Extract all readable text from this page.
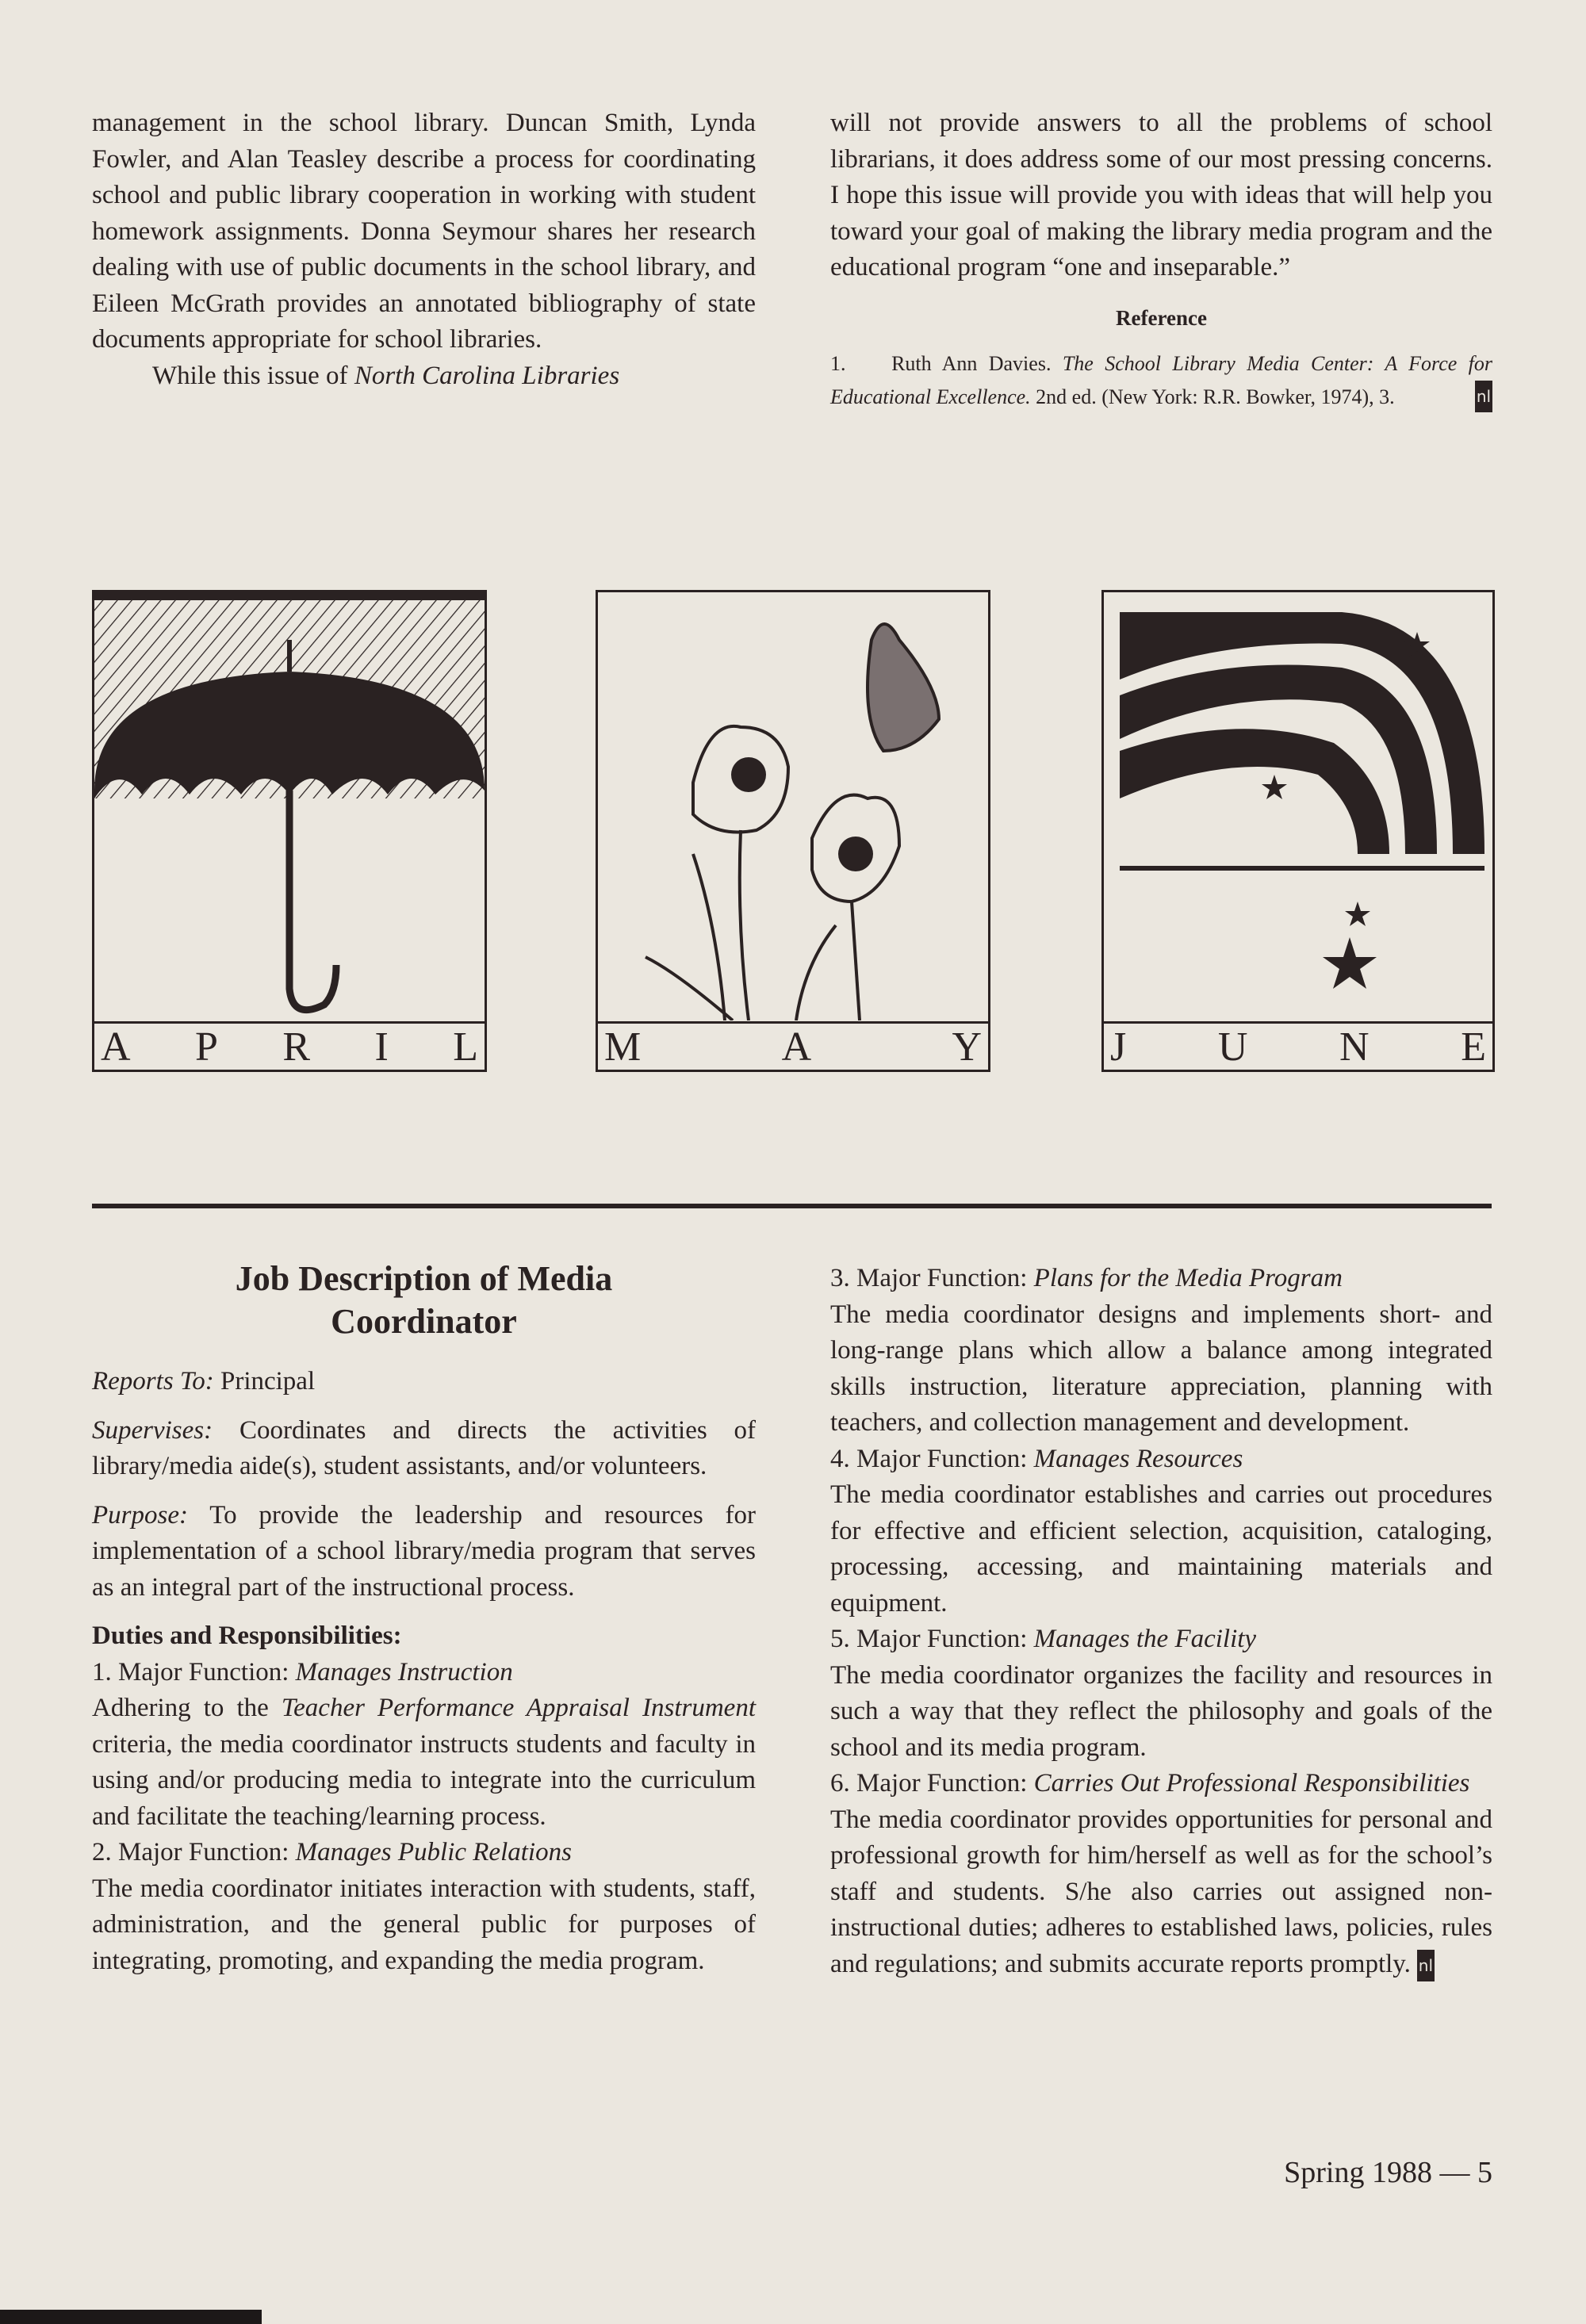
management in the school library. Duncan Smith, Lynda Fowler, and Alan Teasley describe a process for coordinating school and public library cooperation in working with student homework assignments. Donna Seymour shares her research dealing with use of public documents in the school library, and Eileen McGrath provides an annotated bibliography of state documents appropriate for school libraries.

While this issue of North Carolina Libraries

will not provide answers to all the problems of school librarians, it does address some of our most pressing concerns. I hope this issue will provide you with ideas that will help you toward your goal of making the library media program and the educational program “one and inseparable.”

Reference

1. Ruth Ann Davies. The School Library Media Center: A Force for Educational Excellence. 2nd ed. (New York: R.R. Bowker, 1974), 3.	nl

A P R I L	M	A	Y	J U N E

Job Description of Media Coordinator

Reports To: Principal

Supervises: Coordinates and directs the activities of library/media aide(s), student assistants, and/or volunteers.

Purpose: To provide the leadership and resources for implementation of a school library/media program that serves as an integral part of the instructional process.

Duties and Responsibilities:

1. Major Function: Manages Instruction

Adhering to the Teacher Performance Appraisal Instrument criteria, the media coordinator instructs students and faculty in using and/or producing media to integrate into the curriculum and facilitate the teaching/learning process.

2. Major Function: Manages Public Relations

The media coordinator initiates interaction with students, staff, administration, and the general public for purposes of integrating, promoting, and expanding the media program.

3. Major Function: Plans for the Media Program

The media coordinator designs and implements short- and long-range plans which allow a balance among integrated skills instruction, literature appreciation, planning with teachers, and collection management and development.

4. Major Function: Manages Resources

The media coordinator establishes and carries out procedures for effective and efficient selection, acquisition, cataloging, processing, accessing, and maintaining materials and equipment.

5. Major Function: Manages the Facility

The media coordinator organizes the facility and resources in such a way that they reflect the philosophy and goals of the school and its media program.

6. Major Function: Carries Out Professional Responsibilities

The media coordinator provides opportunities for personal and professional growth for him/herself as well as for the school’s staff and students. S/he also carries out assigned non-instructional duties; adheres to established laws, policies, rules and regulations; and submits accurate reports promptly. nl

Spring 1988 — 5
